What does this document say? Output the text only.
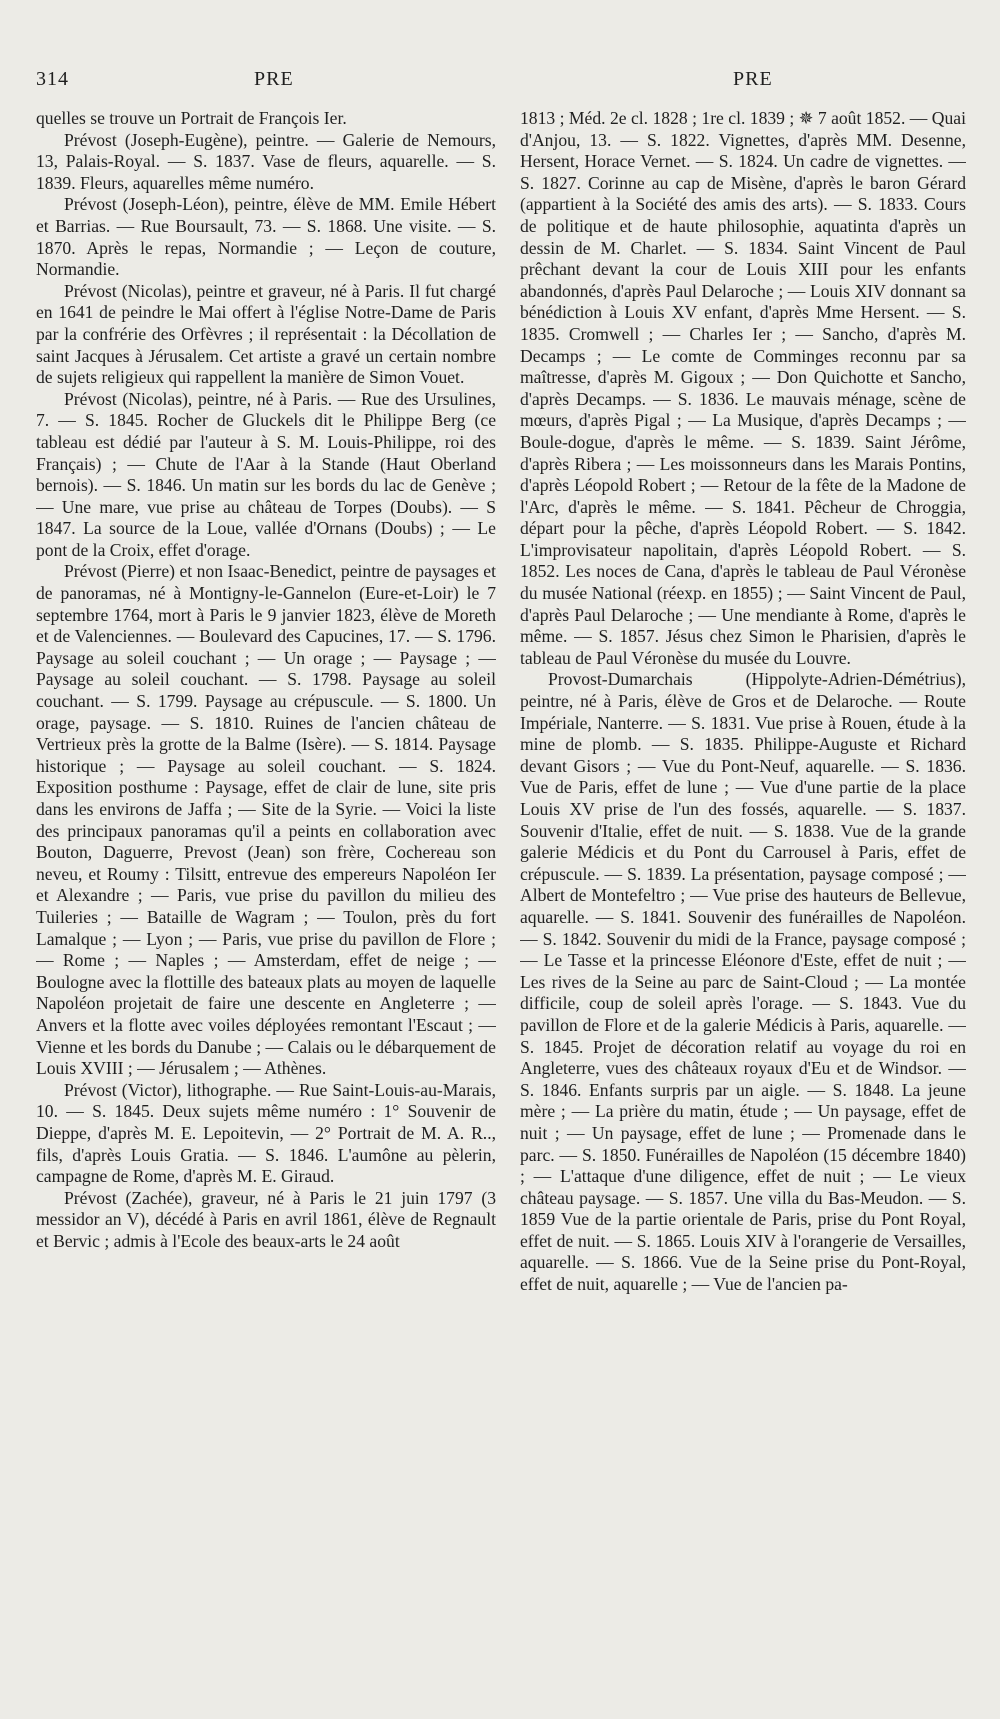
314	PRE	PRE

quelles se trouve un Portrait de François Ier.

Prévost (Joseph-Eugène), peintre. — Galerie de Nemours, 13, Palais-Royal. — S. 1837. Vase de fleurs, aquarelle. — S. 1839. Fleurs, aquarelles même numéro.

Prévost (Joseph-Léon), peintre, élève de MM. Emile Hébert et Barrias. — Rue Boursault, 73. — S. 1868. Une visite. — S. 1870. Après le repas, Normandie ; — Leçon de couture, Normandie.

Prévost (Nicolas), peintre et graveur, né à Paris. Il fut chargé en 1641 de peindre le Mai offert à l'église Notre-Dame de Paris par la confrérie des Orfèvres ; il représentait : la Décollation de saint Jacques à Jérusalem. Cet artiste a gravé un certain nombre de sujets religieux qui rappellent la manière de Simon Vouet.

Prévost (Nicolas), peintre, né à Paris. — Rue des Ursulines, 7. — S. 1845. Rocher de Gluckels dit le Philippe Berg (ce tableau est dédié par l'auteur à S. M. Louis-Philippe, roi des Français) ; — Chute de l'Aar à la Stande (Haut Oberland bernois). — S. 1846. Un matin sur les bords du lac de Genève ; — Une mare, vue prise au château de Torpes (Doubs). — S 1847. La source de la Loue, vallée d'Ornans (Doubs) ; — Le pont de la Croix, effet d'orage.

Prévost (Pierre) et non Isaac-Benedict, peintre de paysages et de panoramas, né à Montigny-le-Gannelon (Eure-et-Loir) le 7 septembre 1764, mort à Paris le 9 janvier 1823, élève de Moreth et de Valenciennes. — Boulevard des Capucines, 17. — S. 1796. Paysage au soleil couchant ; — Un orage ; — Paysage ; — Paysage au soleil couchant. — S. 1798. Paysage au soleil couchant. — S. 1799. Paysage au crépuscule. — S. 1800. Un orage, paysage. — S. 1810. Ruines de l'ancien château de Vertrieux près la grotte de la Balme (Isère). — S. 1814. Paysage historique ; — Paysage au soleil couchant. — S. 1824. Exposition posthume : Paysage, effet de clair de lune, site pris dans les environs de Jaffa ; — Site de la Syrie. — Voici la liste des principaux panoramas qu'il a peints en collaboration avec Bouton, Daguerre, Prevost (Jean) son frère, Cochereau son neveu, et Roumy : Tilsitt, entrevue des empereurs Napoléon Ier et Alexandre ; — Paris, vue prise du pavillon du milieu des Tuileries ; — Bataille de Wagram ; — Toulon, près du fort Lamalque ; — Lyon ; — Paris, vue prise du pavillon de Flore ; — Rome ; — Naples ; — Amsterdam, effet de neige ; — Boulogne avec la flottille des bateaux plats au moyen de laquelle Napoléon projetait de faire une descente en Angleterre ; — Anvers et la flotte avec voiles déployées remontant l'Escaut ; — Vienne et les bords du Danube ; — Calais ou le débarquement de Louis XVIII ; — Jérusalem ; — Athènes.

Prévost (Victor), lithographe. — Rue Saint-Louis-au-Marais, 10. — S. 1845. Deux sujets même numéro : 1° Souvenir de Dieppe, d'après M. E. Lepoitevin, — 2° Portrait de M. A. R.., fils, d'après Louis Gratia. — S. 1846. L'aumône au pèlerin, campagne de Rome, d'après M. E. Giraud.

Prévost (Zachée), graveur, né à Paris le 21 juin 1797 (3 messidor an V), décédé à Paris en avril 1861, élève de Regnault et Bervic ; admis à l'Ecole des beaux-arts le 24 août

1813 ; Méd. 2e cl. 1828 ; 1re cl. 1839 ; ✵ 7 août 1852. — Quai d'Anjou, 13. — S. 1822. Vignettes, d'après MM. Desenne, Hersent, Horace Vernet. — S. 1824. Un cadre de vignettes. — S. 1827. Corinne au cap de Misène, d'après le baron Gérard (appartient à la Société des amis des arts). — S. 1833. Cours de politique et de haute philosophie, aquatinta d'après un dessin de M. Charlet. — S. 1834. Saint Vincent de Paul prêchant devant la cour de Louis XIII pour les enfants abandonnés, d'après Paul Delaroche ; — Louis XIV donnant sa bénédiction à Louis XV enfant, d'après Mme Hersent. — S. 1835. Cromwell ; — Charles Ier ; — Sancho, d'après M. Decamps ; — Le comte de Comminges reconnu par sa maîtresse, d'après M. Gigoux ; — Don Quichotte et Sancho, d'après Decamps. — S. 1836. Le mauvais ménage, scène de mœurs, d'après Pigal ; — La Musique, d'après Decamps ; — Boule-dogue, d'après le même. — S. 1839. Saint Jérôme, d'après Ribera ; — Les moissonneurs dans les Marais Pontins, d'après Léopold Robert ; — Retour de la fête de la Madone de l'Arc, d'après le même. — S. 1841. Pêcheur de Chroggia, départ pour la pêche, d'après Léopold Robert. — S. 1842. L'improvisateur napolitain, d'après Léopold Robert. — S. 1852. Les noces de Cana, d'après le tableau de Paul Véronèse du musée National (réexp. en 1855) ; — Saint Vincent de Paul, d'après Paul Delaroche ; — Une mendiante à Rome, d'après le même. — S. 1857. Jésus chez Simon le Pharisien, d'après le tableau de Paul Véronèse du musée du Louvre.

Provost-Dumarchais (Hippolyte-Adrien-Démétrius), peintre, né à Paris, élève de Gros et de Delaroche. — Route Impériale, Nanterre. — S. 1831. Vue prise à Rouen, étude à la mine de plomb. — S. 1835. Philippe-Auguste et Richard devant Gisors ; — Vue du Pont-Neuf, aquarelle. — S. 1836. Vue de Paris, effet de lune ; — Vue d'une partie de la place Louis XV prise de l'un des fossés, aquarelle. — S. 1837. Souvenir d'Italie, effet de nuit. — S. 1838. Vue de la grande galerie Médicis et du Pont du Carrousel à Paris, effet de crépuscule. — S. 1839. La présentation, paysage composé ; — Albert de Montefeltro ; — Vue prise des hauteurs de Bellevue, aquarelle. — S. 1841. Souvenir des funérailles de Napoléon. — S. 1842. Souvenir du midi de la France, paysage composé ; — Le Tasse et la princesse Eléonore d'Este, effet de nuit ; — Les rives de la Seine au parc de Saint-Cloud ; — La montée difficile, coup de soleil après l'orage. — S. 1843. Vue du pavillon de Flore et de la galerie Médicis à Paris, aquarelle. — S. 1845. Projet de décoration relatif au voyage du roi en Angleterre, vues des châteaux royaux d'Eu et de Windsor. — S. 1846. Enfants surpris par un aigle. — S. 1848. La jeune mère ; — La prière du matin, étude ; — Un paysage, effet de nuit ; — Un paysage, effet de lune ; — Promenade dans le parc. — S. 1850. Funérailles de Napoléon (15 décembre 1840) ; — L'attaque d'une diligence, effet de nuit ; — Le vieux château paysage. — S. 1857. Une villa du Bas-Meudon. — S. 1859 Vue de la partie orientale de Paris, prise du Pont Royal, effet de nuit. — S. 1865. Louis XIV à l'orangerie de Versailles, aquarelle. — S. 1866. Vue de la Seine prise du Pont-Royal, effet de nuit, aquarelle ; — Vue de l'ancien pa-
